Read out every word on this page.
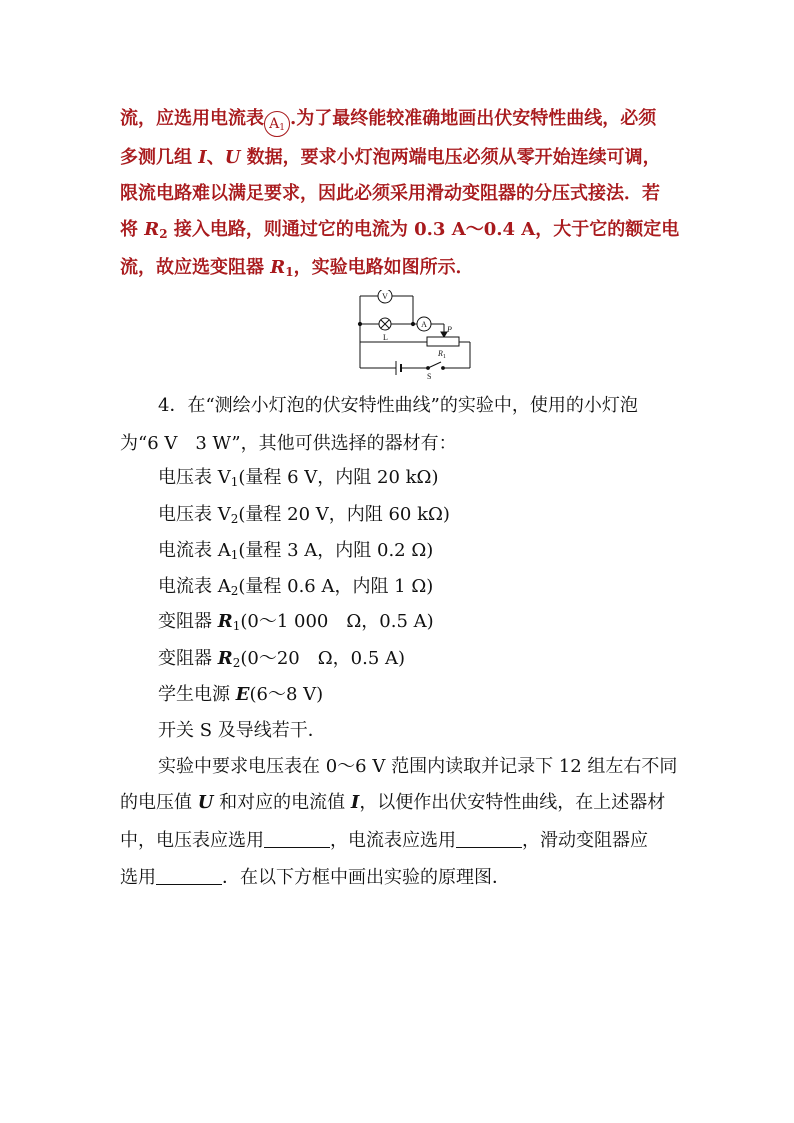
流，应选用电流表 $A_1$ .为了最终能较准确地画出伏安特性曲线，必须
多测几组 I、U 数据，要求小灯泡两端电压必须从零开始连续可调，
限流电路难以满足要求，因此必须采用滑动变阻器的分压式接法．若
将 $R_2$ 接入电路，则通过它的电流为 0.3 A～0.4 A，大于它的额定电
流，故应选变阻器 $R_1$，实验电路如图所示．
V
L
A
P
$R_1$
S
4．在“测绘小灯泡的伏安特性曲线”的实验中，使用的小灯泡
为“6 V　3 W”，其他可供选择的器材有：
电压表 $V_1$(量程 6 V，内阻 20 kΩ)
电压表 $V_2$(量程 20 V，内阻 60 kΩ)
电流表 $A_1$(量程 3 A，内阻 0.2 Ω)
电流表 $A_2$(量程 0.6 A，内阻 1 Ω)
变阻器 $R_1(0\sim 1$ 000　Ω，0.5 A)
变阻器 $R_2(0\sim 20$　Ω，0.5 A)
学生电源 E(6～8 V)
开关 S 及导线若干．
实验中要求电压表在 0～6 V 范围内读取并记录下 12 组左右不同
的电压值 U 和对应的电流值 I，以便作出伏安特性曲线，在上述器材
中，电压表应选用	，电流表应选用	，滑动变阻器应
选用	．在以下方框中画出实验的原理图．
